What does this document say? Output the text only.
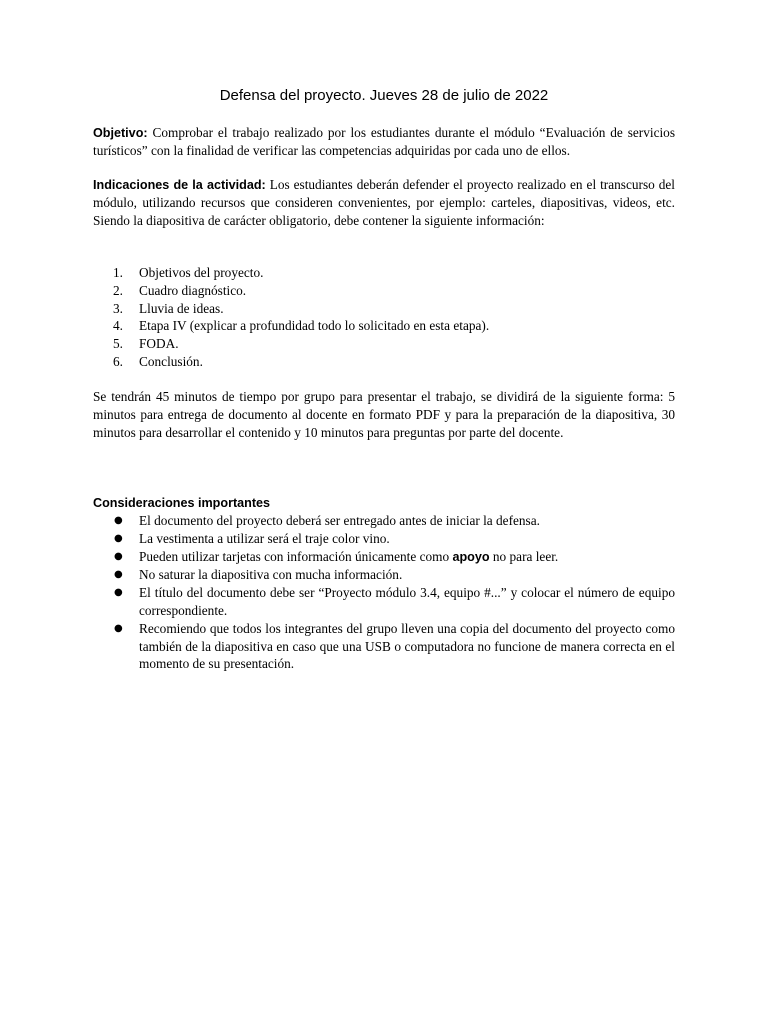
Defensa del proyecto. Jueves 28 de julio de 2022

Objetivo: Comprobar el trabajo realizado por los estudiantes durante el módulo “Evaluación de servicios turísticos” con la finalidad de verificar las competencias adquiridas por cada uno de ellos.

Indicaciones de la actividad: Los estudiantes deberán defender el proyecto realizado en el transcurso del módulo, utilizando recursos que consideren convenientes, por ejemplo: carteles, diapositivas, videos, etc. Siendo la diapositiva de carácter obligatorio, debe contener la siguiente información:

1. Objetivos del proyecto.
2. Cuadro diagnóstico.
3. Lluvia de ideas.
4. Etapa IV (explicar a profundidad todo lo solicitado en esta etapa).
5. FODA.
6. Conclusión.

Se tendrán 45 minutos de tiempo por grupo para presentar el trabajo, se dividirá de la siguiente forma: 5 minutos para entrega de documento al docente en formato PDF y para la preparación de la diapositiva, 30 minutos para desarrollar el contenido y 10 minutos para preguntas por parte del docente.

Consideraciones importantes
● El documento del proyecto deberá ser entregado antes de iniciar la defensa.
● La vestimenta a utilizar será el traje color vino.
● Pueden utilizar tarjetas con información únicamente como apoyo no para leer.
● No saturar la diapositiva con mucha información.
● El título del documento debe ser “Proyecto módulo 3.4, equipo #...” y colocar el número de equipo correspondiente.
● Recomiendo que todos los integrantes del grupo lleven una copia del documento del proyecto como también de la diapositiva en caso que una USB o computadora no funcione de manera correcta en el momento de su presentación.
